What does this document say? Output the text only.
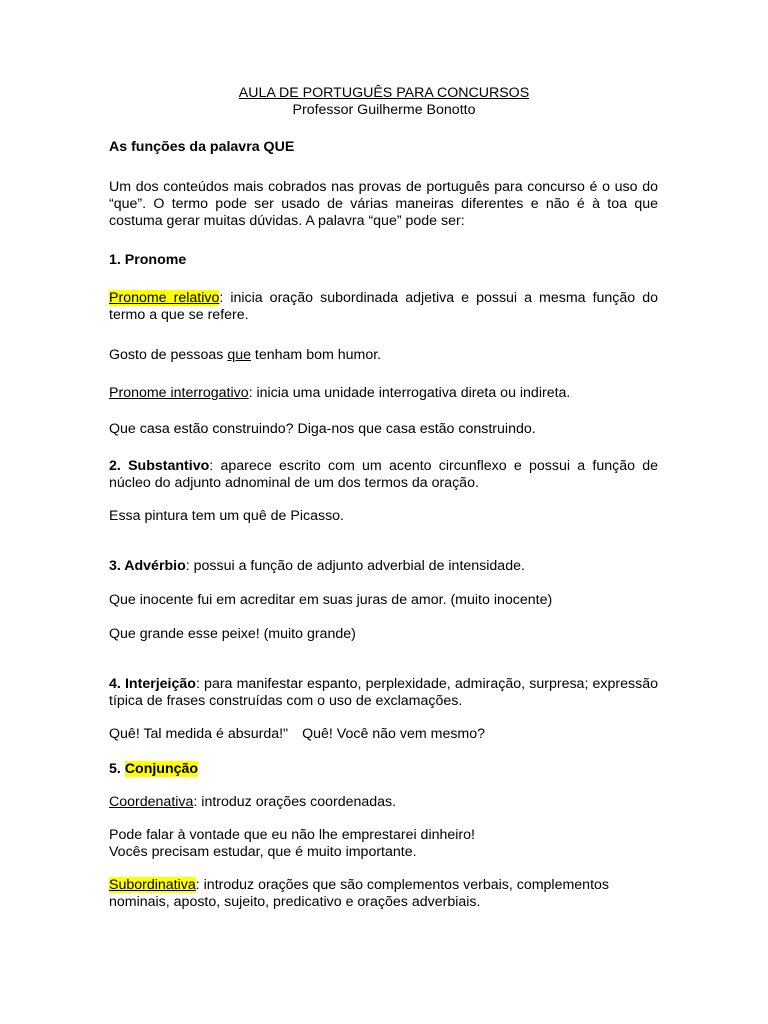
AULA DE PORTUGUÊS PARA CONCURSOS
Professor Guilherme Bonotto
As funções da palavra QUE
Um dos conteúdos mais cobrados nas provas de português para concurso é o uso do “que”. O termo pode ser usado de várias maneiras diferentes e não é à toa que costuma gerar muitas dúvidas. A palavra “que” pode ser:
1. Pronome
Pronome relativo: inicia oração subordinada adjetiva e possui a mesma função do termo a que se refere.
Gosto de pessoas que tenham bom humor.
Pronome interrogativo: inicia uma unidade interrogativa direta ou indireta.
Que casa estão construindo? Diga-nos que casa estão construindo.
2. Substantivo: aparece escrito com um acento circunflexo e possui a função de núcleo do adjunto adnominal de um dos termos da oração.
Essa pintura tem um quê de Picasso.
3. Advérbio: possui a função de adjunto adverbial de intensidade.
Que inocente fui em acreditar em suas juras de amor. (muito inocente)
Que grande esse peixe! (muito grande)
4. Interjeição: para manifestar espanto, perplexidade, admiração, surpresa; expressão típica de frases construídas com o uso de exclamações.
Quê! Tal medida é absurda!" Quê! Você não vem mesmo?
5. Conjunção
Coordenativa: introduz orações coordenadas.
Pode falar à vontade que eu não lhe emprestarei dinheiro!
Vocês precisam estudar, que é muito importante.
Subordinativa: introduz orações que são complementos verbais, complementos nominais, aposto, sujeito, predicativo e orações adverbiais.
